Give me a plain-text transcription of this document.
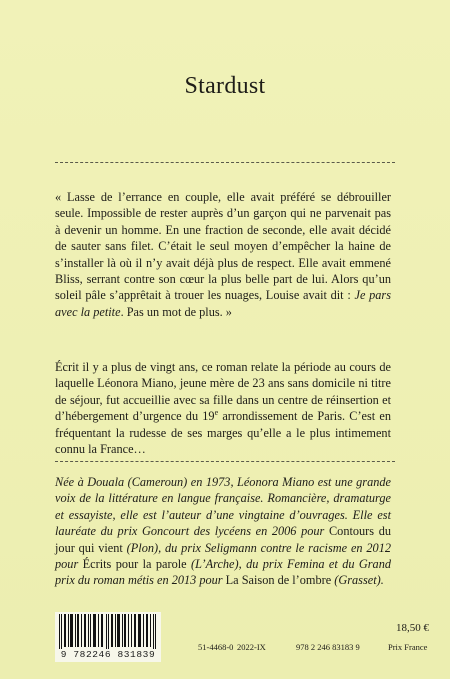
Stardust
« Lasse de l’errance en couple, elle avait préféré se débrouiller seule. Impossible de rester auprès d’un garçon qui ne parvenait pas à devenir un homme. En une fraction de seconde, elle avait décidé de sauter sans filet. C’était le seul moyen d’empêcher la haine de s’installer là où il n’y avait déjà plus de respect. Elle avait emmené Bliss, serrant contre son cœur la plus belle part de lui. Alors qu’un soleil pâle s’apprêtait à trouer les nuages, Louise avait dit : Je pars avec la petite. Pas un mot de plus. »
Écrit il y a plus de vingt ans, ce roman relate la période au cours de laquelle Léonora Miano, jeune mère de 23 ans sans domicile ni titre de séjour, fut accueillie avec sa fille dans un centre de réinsertion et d’hébergement d’urgence du 19e arrondissement de Paris. C’est en fréquentant la rudesse de ses marges qu’elle a le plus intimement connu la France…
Née à Douala (Cameroun) en 1973, Léonora Miano est une grande voix de la littérature en langue française. Romancière, dramaturge et essayiste, elle est l’auteur d’une vingtaine d’ouvrages. Elle est lauréate du prix Goncourt des lycéens en 2006 pour Contours du jour qui vient (Plon), du prix Seligmann contre le racisme en 2012 pour Écrits pour la parole (L’Arche), du prix Femina et du Grand prix du roman métis en 2013 pour La Saison de l’ombre (Grasset).
9 782246 831839
51-4468-0 2022-IX	978 2 246 83183 9
18,50 €
Prix France
